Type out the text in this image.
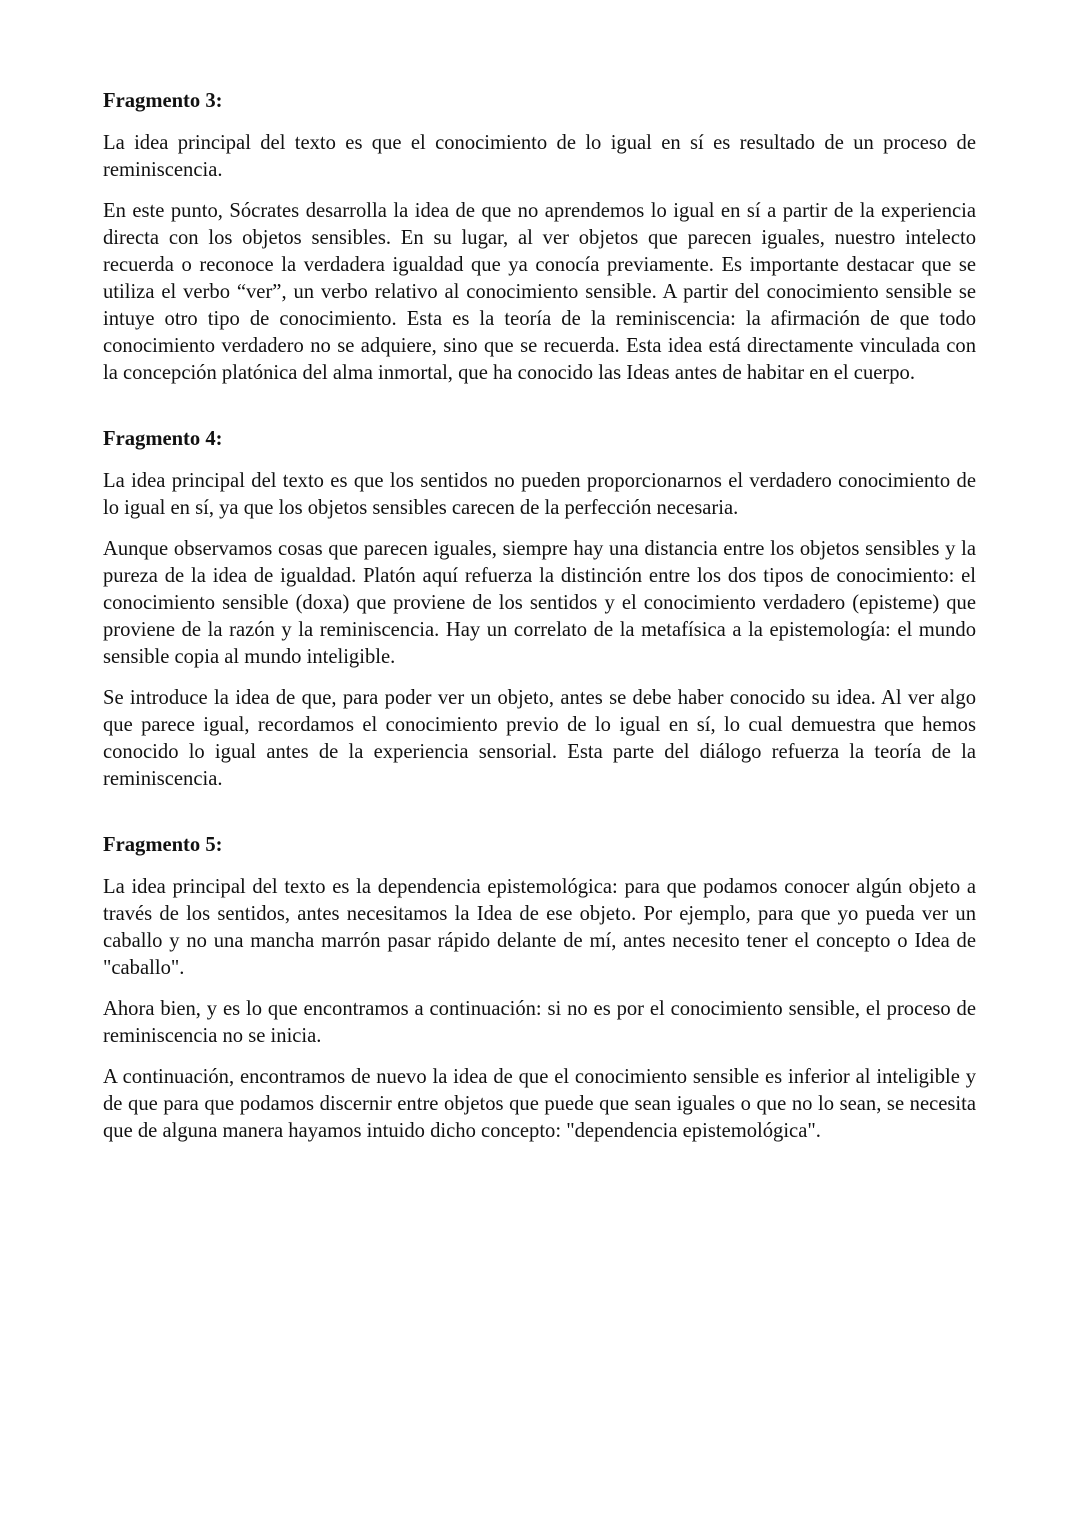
Fragmento 3:

La idea principal del texto es que el conocimiento de lo igual en sí es resultado de un proceso de reminiscencia.

En este punto, Sócrates desarrolla la idea de que no aprendemos lo igual en sí a partir de la experiencia directa con los objetos sensibles. En su lugar, al ver objetos que parecen iguales, nuestro intelecto recuerda o reconoce la verdadera igualdad que ya conocía previamente. Es importante destacar que se utiliza el verbo “ver”, un verbo relativo al conocimiento sensible. A partir del conocimiento sensible se intuye otro tipo de conocimiento. Esta es la teoría de la reminiscencia: la afirmación de que todo conocimiento verdadero no se adquiere, sino que se recuerda. Esta idea está directamente vinculada con la concepción platónica del alma inmortal, que ha conocido las Ideas antes de habitar en el cuerpo.

Fragmento 4:

La idea principal del texto es que los sentidos no pueden proporcionarnos el verdadero conocimiento de lo igual en sí, ya que los objetos sensibles carecen de la perfección necesaria.

Aunque observamos cosas que parecen iguales, siempre hay una distancia entre los objetos sensibles y la pureza de la idea de igualdad. Platón aquí refuerza la distinción entre los dos tipos de conocimiento: el conocimiento sensible (doxa) que proviene de los sentidos y el conocimiento verdadero (episteme) que proviene de la razón y la reminiscencia. Hay un correlato de la metafísica a la epistemología: el mundo sensible copia al mundo inteligible.

Se introduce la idea de que, para poder ver un objeto, antes se debe haber conocido su idea. Al ver algo que parece igual, recordamos el conocimiento previo de lo igual en sí, lo cual demuestra que hemos conocido lo igual antes de la experiencia sensorial. Esta parte del diálogo refuerza la teoría de la reminiscencia.

Fragmento 5:

La idea principal del texto es la dependencia epistemológica: para que podamos conocer algún objeto a través de los sentidos, antes necesitamos la Idea de ese objeto. Por ejemplo, para que yo pueda ver un caballo y no una mancha marrón pasar rápido delante de mí, antes necesito tener el concepto o Idea de "caballo".

Ahora bien, y es lo que encontramos a continuación: si no es por el conocimiento sensible, el proceso de reminiscencia no se inicia.

A continuación, encontramos de nuevo la idea de que el conocimiento sensible es inferior al inteligible y de que para que podamos discernir entre objetos que puede que sean iguales o que no lo sean, se necesita que de alguna manera hayamos intuido dicho concepto: "dependencia epistemológica".
